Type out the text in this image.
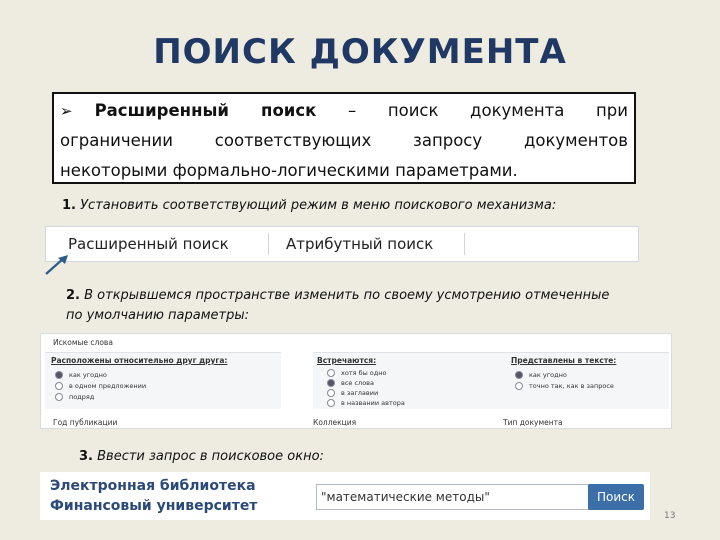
ПОИСК ДОКУМЕНТА
➢ Расширенный поиск – поиск документа при
ограничении соответствующих запросу документов
некоторыми формально-логическими параметрами.
1. Установить соответствующий режим в меню поискового механизма:
Расширенный поиск	Атрибутный поиск
2. В открывшемся пространстве изменить по своему усмотрению отмеченные по умолчанию параметры:
Искомые слова
Расположены относительно друг друга:
как угодно
в одном предложении
подряд
Встречаются:
хотя бы одно
все слова
в заглавии
в названии автора
Представлены в тексте:
как угодно
точно так, как в запросе
Год публикации	Коллекция	Тип документа
3. Ввести запрос в поисковое окно:
Электронная библиотека
Финансовый университет
"математические методы"	Поиск
13
